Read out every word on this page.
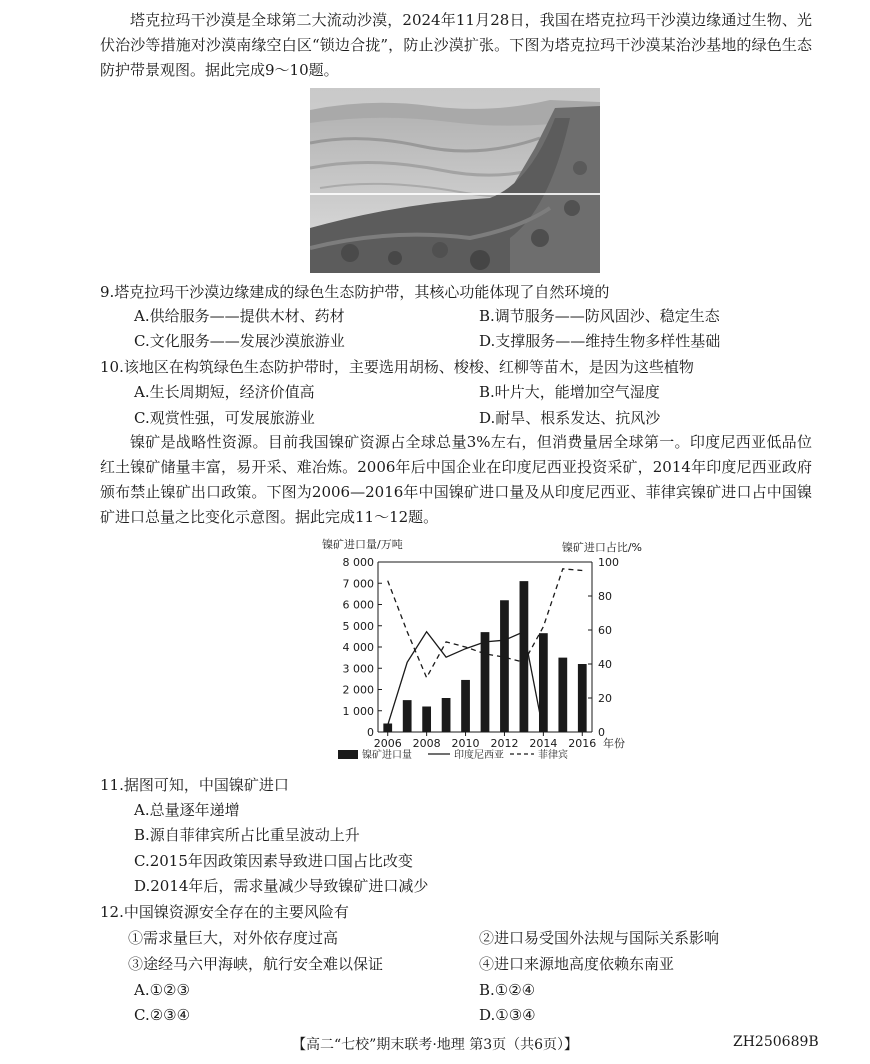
塔克拉玛干沙漠是全球第二大流动沙漠，2024年11月28日，我国在塔克拉玛干沙漠边缘通过生物、光伏治沙等措施对沙漠南缘空白区“锁边合拢”，防止沙漠扩张。下图为塔克拉玛干沙漠某治沙基地的绿色生态防护带景观图。据此完成9～10题。
9.塔克拉玛干沙漠边缘建成的绿色生态防护带，其核心功能体现了自然环境的
A.供给服务——提供木材、药材	B.调节服务——防风固沙、稳定生态
C.文化服务——发展沙漠旅游业	D.支撑服务——维持生物多样性基础
10.该地区在构筑绿色生态防护带时，主要选用胡杨、梭梭、红柳等苗木，是因为这些植物
A.生长周期短，经济价值高	B.叶片大，能增加空气湿度
C.观赏性强，可发展旅游业	D.耐旱、根系发达、抗风沙
镍矿是战略性资源。目前我国镍矿资源占全球总量3%左右，但消费量居全球第一。印度尼西亚低品位红土镍矿储量丰富，易开采、难冶炼。2006年后中国企业在印度尼西亚投资采矿，2014年印度尼西亚政府颁布禁止镍矿出口政策。下图为2006—2016年中国镍矿进口量及从印度尼西亚、菲律宾镍矿进口占中国镍矿进口总量之比变化示意图。据此完成11～12题。
镍矿进口量/万吨	镍矿进口占比/%
0
1 000
2 000
3 000
4 000
5 000
6 000
7 000
8 000
0
20
40
60
80
100
2006 2008 2010 2012 2014 2016 年份
镍矿进口量	印度尼西亚	菲律宾
11.据图可知，中国镍矿进口
A.总量逐年递增
B.源自菲律宾所占比重呈波动上升
C.2015年因政策因素导致进口国占比改变
D.2014年后，需求量减少导致镍矿进口减少
12.中国镍资源安全存在的主要风险有
①需求量巨大，对外依存度过高	②进口易受国外法规与国际关系影响
③途经马六甲海峡，航行安全难以保证	④进口来源地高度依赖东南亚
A.①②③	B.①②④
C.②③④	D.①③④
【高二“七校”期末联考·地理 第3页（共6页）】	ZH250689B
